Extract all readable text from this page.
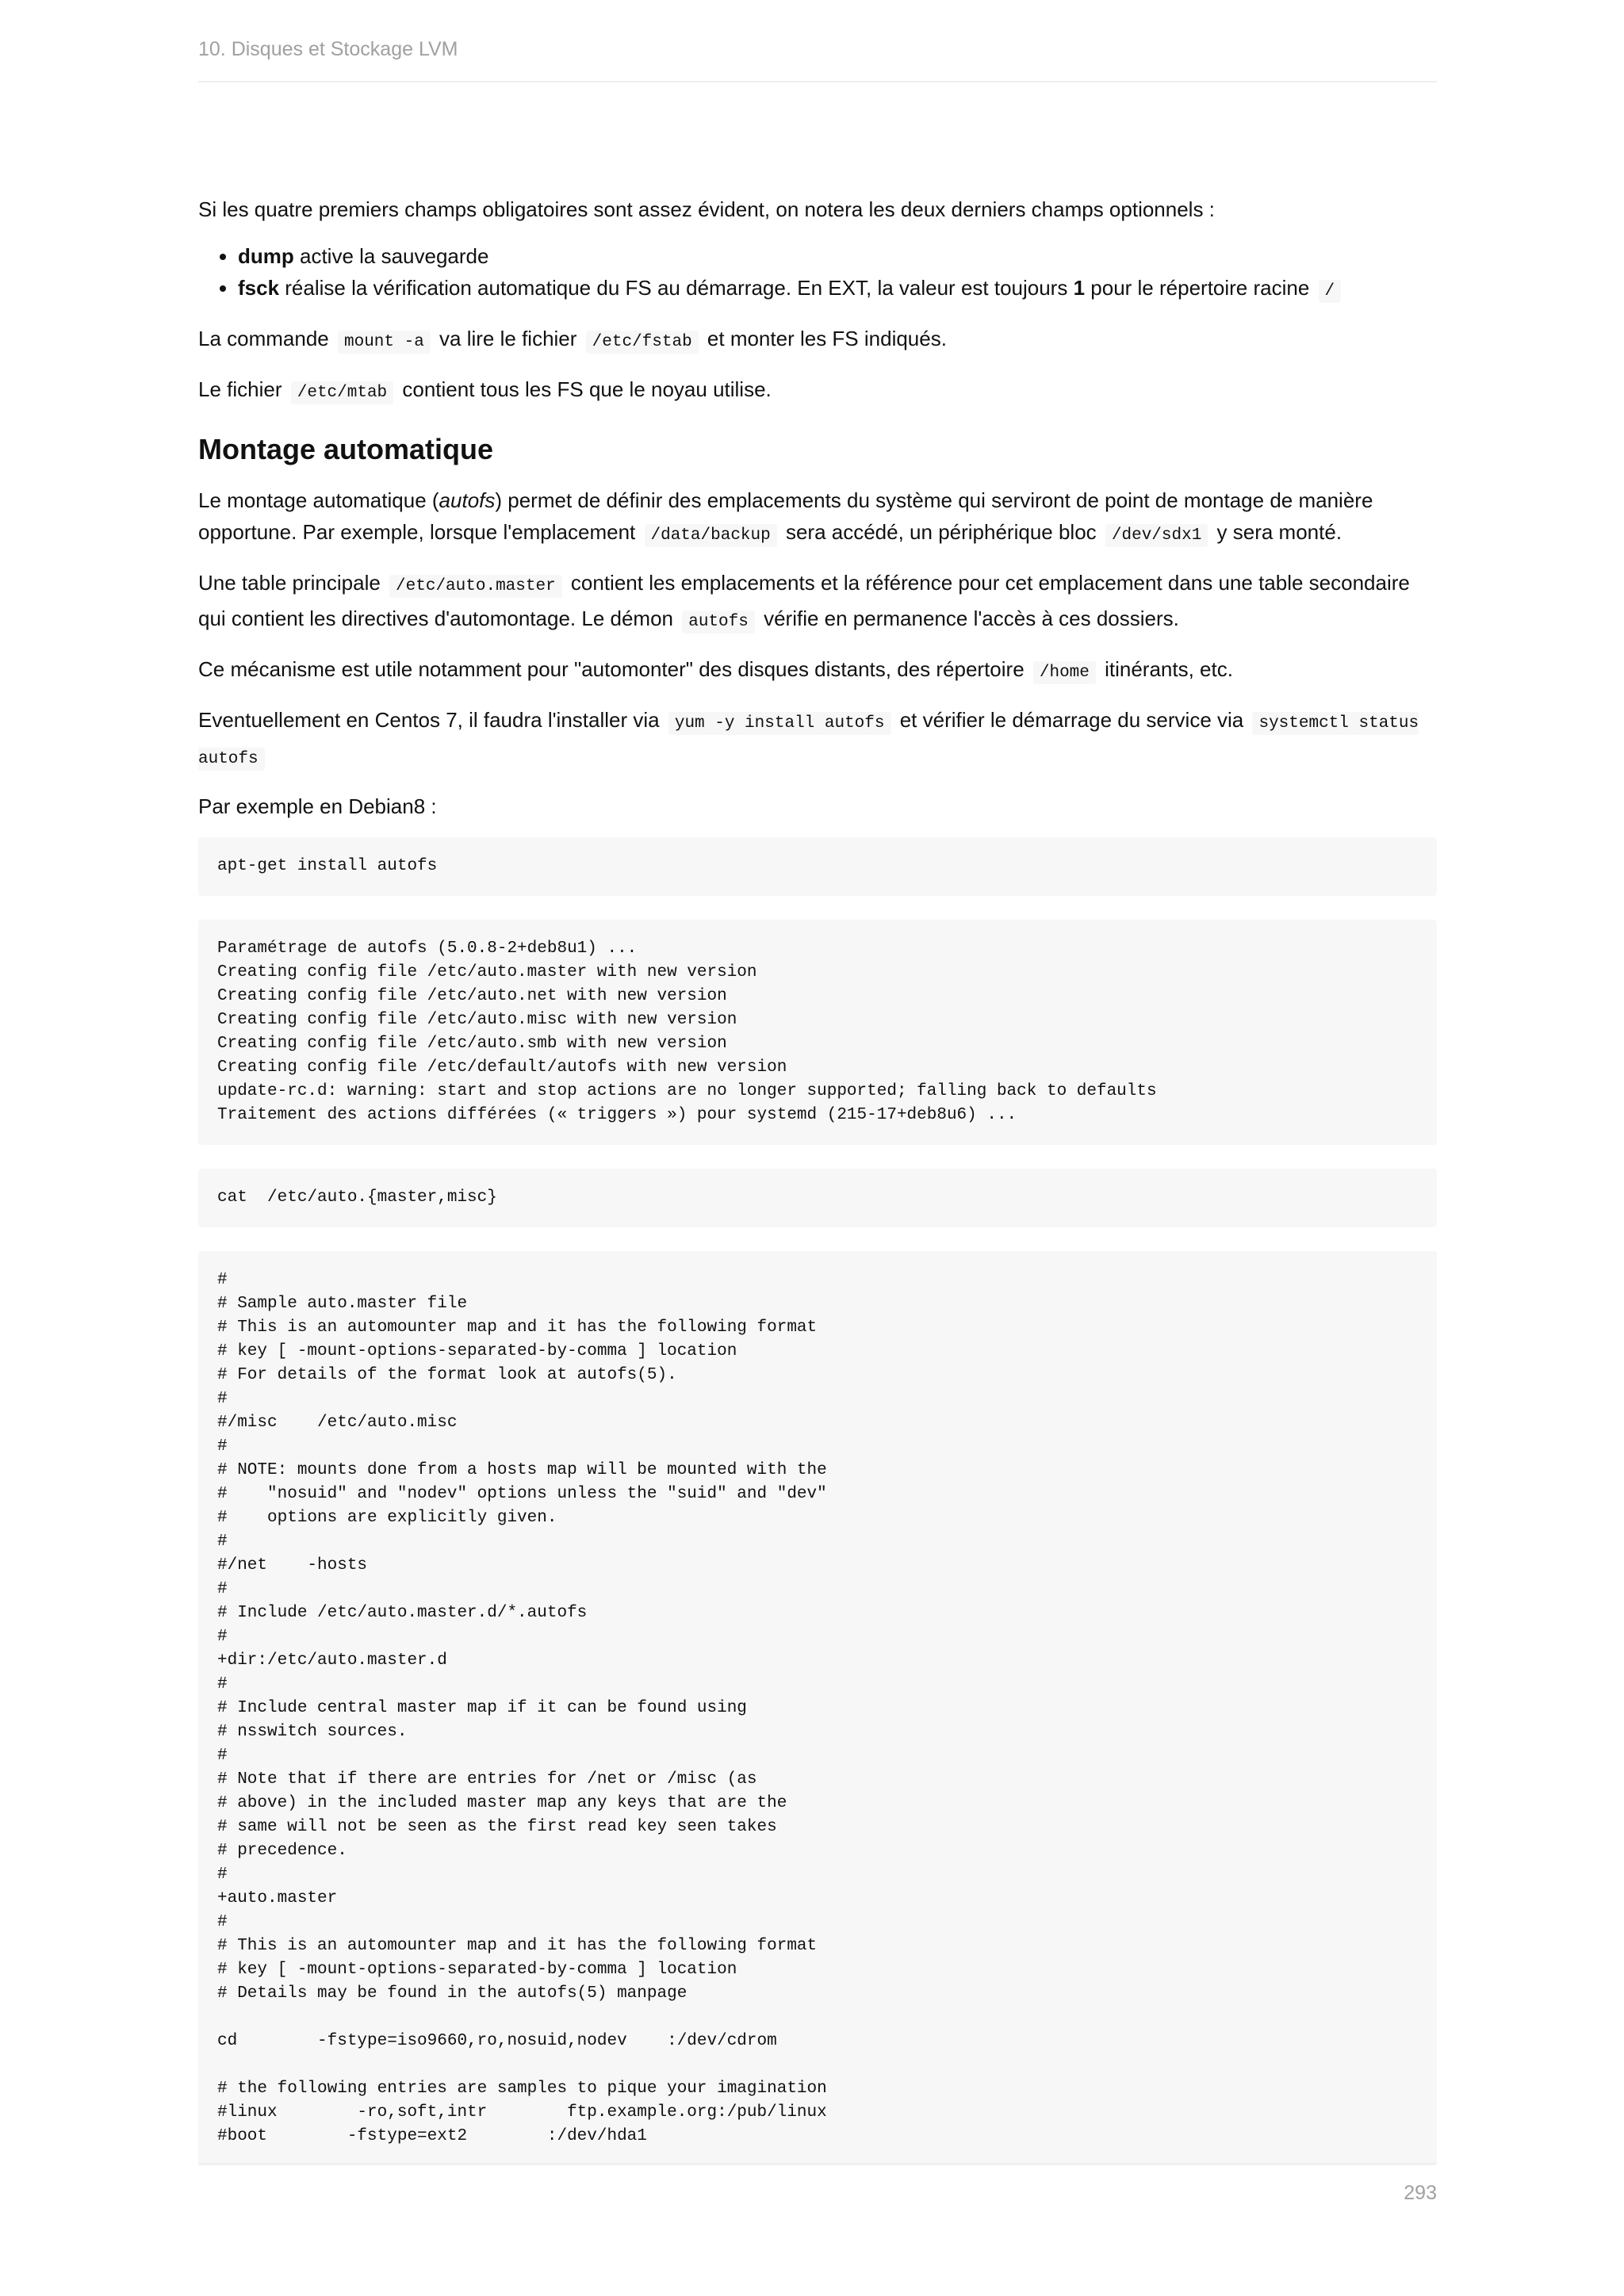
10. Disques et Stockage LVM

Si les quatre premiers champs obligatoires sont assez évident, on notera les deux derniers champs optionnels :

• dump active la sauvegarde
• fsck réalise la vérification automatique du FS au démarrage. En EXT, la valeur est toujours 1 pour le répertoire racine /

La commande mount -a va lire le fichier /etc/fstab et monter les FS indiqués.

Le fichier /etc/mtab contient tous les FS que le noyau utilise.

Montage automatique

Le montage automatique (autofs) permet de définir des emplacements du système qui serviront de point de montage de manière opportune. Par exemple, lorsque l'emplacement /data/backup sera accédé, un périphérique bloc /dev/sdx1 y sera monté.

Une table principale /etc/auto.master contient les emplacements et la référence pour cet emplacement dans une table secondaire qui contient les directives d'automontage. Le démon autofs vérifie en permanence l'accès à ces dossiers.

Ce mécanisme est utile notamment pour "automonter" des disques distants, des répertoire /home itinérants, etc.

Eventuellement en Centos 7, il faudra l'installer via yum -y install autofs et vérifier le démarrage du service via systemctl status autofs

Par exemple en Debian8 :

apt-get install autofs
Paramétrage de autofs (5.0.8-2+deb8u1) ...
Creating config file /etc/auto.master with new version
Creating config file /etc/auto.net with new version
Creating config file /etc/auto.misc with new version
Creating config file /etc/auto.smb with new version
Creating config file /etc/default/autofs with new version
update-rc.d: warning: start and stop actions are no longer supported; falling back to defaults
Traitement des actions différées (« triggers ») pour systemd (215-17+deb8u6) ...
cat  /etc/auto.{master,misc}
#
# Sample auto.master file
# This is an automounter map and it has the following format
# key [ -mount-options-separated-by-comma ] location
# For details of the format look at autofs(5).
#
#/misc    /etc/auto.misc
#
# NOTE: mounts done from a hosts map will be mounted with the
#    "nosuid" and "nodev" options unless the "suid" and "dev"
#    options are explicitly given.
#
#/net    -hosts
#
# Include /etc/auto.master.d/*.autofs
#
+dir:/etc/auto.master.d
#
# Include central master map if it can be found using
# nsswitch sources.
#
# Note that if there are entries for /net or /misc (as
# above) in the included master map any keys that are the
# same will not be seen as the first read key seen takes
# precedence.
#
+auto.master
#
# This is an automounter map and it has the following format
# key [ -mount-options-separated-by-comma ] location
# Details may be found in the autofs(5) manpage

cd        -fstype=iso9660,ro,nosuid,nodev    :/dev/cdrom

# the following entries are samples to pique your imagination
#linux        -ro,soft,intr        ftp.example.org:/pub/linux
#boot        -fstype=ext2        :/dev/hda1
293
